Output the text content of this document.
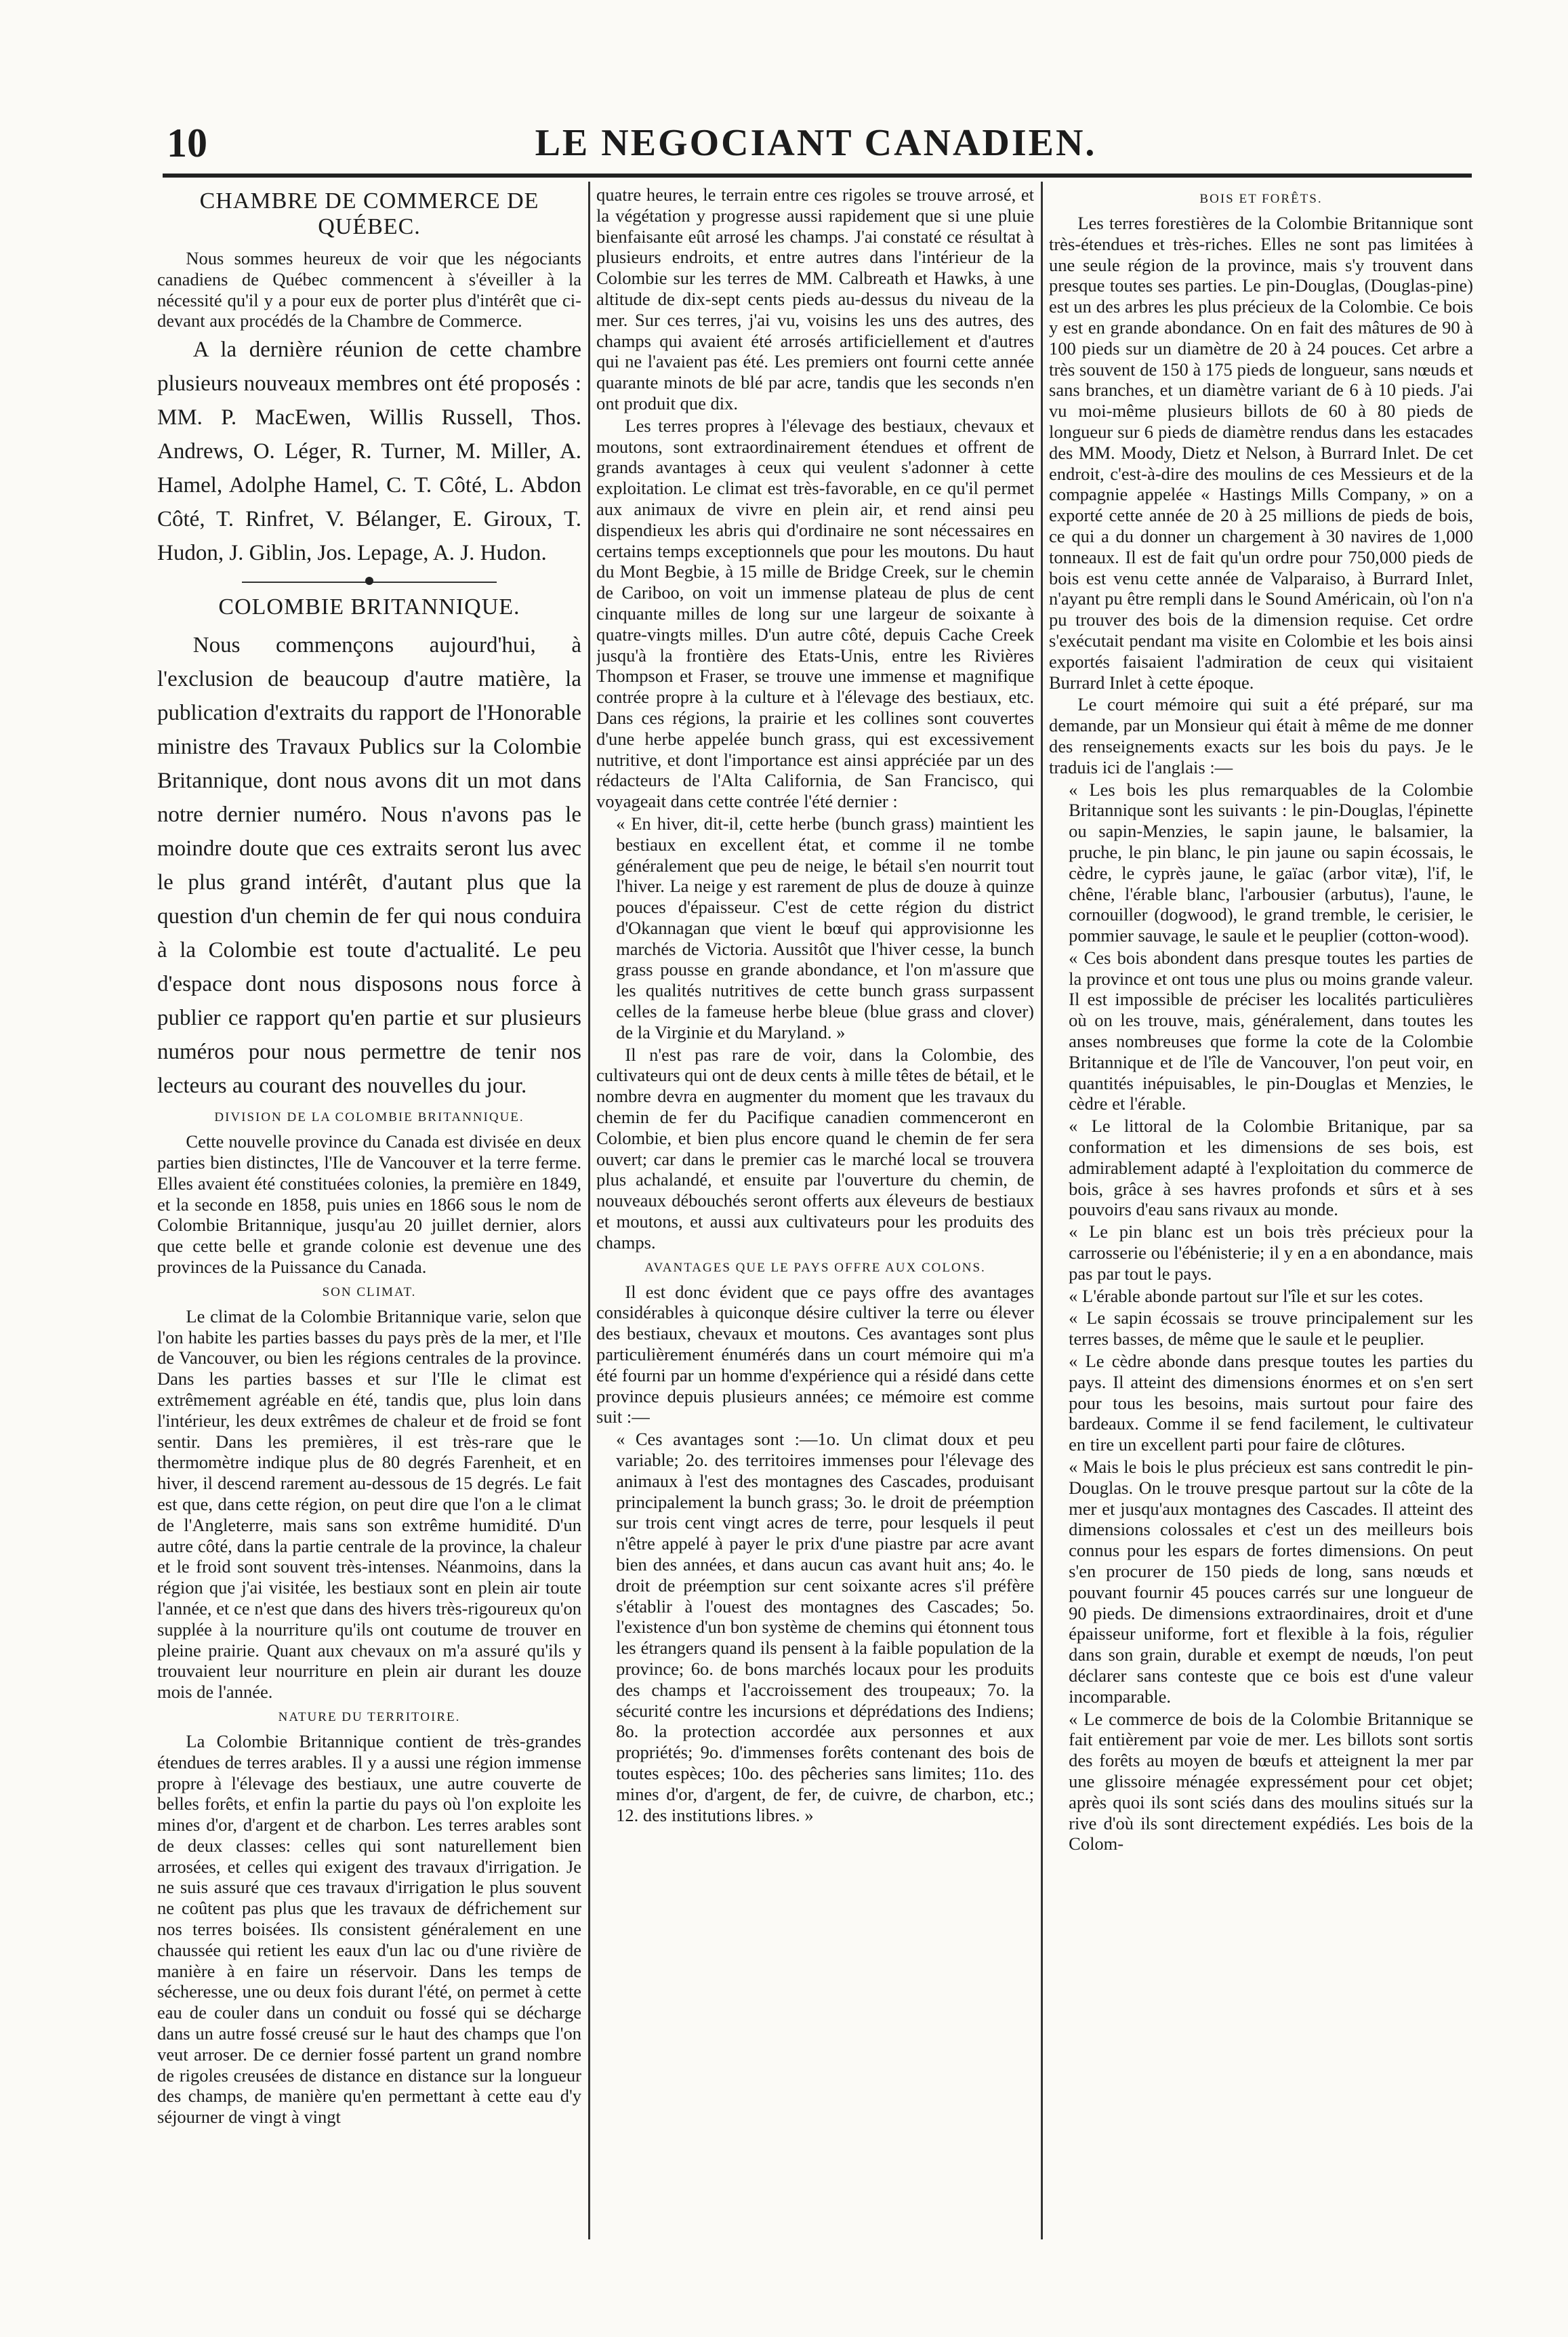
10	LE NEGOCIANT CANADIEN.
CHAMBRE DE COMMERCE DE QUÉBEC.

Nous sommes heureux de voir que les négociants canadiens de Québec commencent à s'éveiller à la nécessité qu'il y a pour eux de porter plus d'intérêt que ci-devant aux procédés de la Chambre de Commerce.

A la dernière réunion de cette chambre plusieurs nouveaux membres ont été proposés : MM. P. MacEwen, Willis Russell, Thos. Andrews, O. Léger, R. Turner, M. Miller, A. Hamel, Adolphe Hamel, C. T. Côté, L. Abdon Côté, T. Rinfret, V. Bélanger, E. Giroux, T. Hudon, J. Giblin, Jos. Lepage, A. J. Hudon.

COLOMBIE BRITANNIQUE.

Nous commençons aujourd'hui, à l'exclusion de beaucoup d'autre matière, la publication d'extraits du rapport de l'Honorable ministre des Travaux Publics sur la Colombie Britannique, dont nous avons dit un mot dans notre dernier numéro. Nous n'avons pas le moindre doute que ces extraits seront lus avec le plus grand intérêt, d'autant plus que la question d'un chemin de fer qui nous conduira à la Colombie est toute d'actualité. Le peu d'espace dont nous disposons nous force à publier ce rapport qu'en partie et sur plusieurs numéros pour nous permettre de tenir nos lecteurs au courant des nouvelles du jour.

DIVISION DE LA COLOMBIE BRITANNIQUE.

Cette nouvelle province du Canada est divisée en deux parties bien distinctes, l'Ile de Vancouver et la terre ferme. Elles avaient été constituées colonies, la première en 1849, et la seconde en 1858, puis unies en 1866 sous le nom de Colombie Britannique, jusqu'au 20 juillet dernier, alors que cette belle et grande colonie est devenue une des provinces de la Puissance du Canada.

SON CLIMAT.

Le climat de la Colombie Britannique varie, selon que l'on habite les parties basses du pays près de la mer, et l'Ile de Vancouver, ou bien les régions centrales de la province. Dans les parties basses et sur l'Ile le climat est extrêmement agréable en été, tandis que, plus loin dans l'intérieur, les deux extrêmes de chaleur et de froid se font sentir. Dans les premières, il est très-rare que le thermomètre indique plus de 80 degrés Farenheit, et en hiver, il descend rarement au-dessous de 15 degrés. Le fait est que, dans cette région, on peut dire que l'on a le climat de l'Angleterre, mais sans son extrême humidité. D'un autre côté, dans la partie centrale de la province, la chaleur et le froid sont souvent très-intenses. Néanmoins, dans la région que j'ai visitée, les bestiaux sont en plein air toute l'année, et ce n'est que dans des hivers très-rigoureux qu'on supplée à la nourriture qu'ils ont coutume de trouver en pleine prairie. Quant aux chevaux on m'a assuré qu'ils y trouvaient leur nourriture en plein air durant les douze mois de l'année.

NATURE DU TERRITOIRE.

La Colombie Britannique contient de très-grandes étendues de terres arables. Il y a aussi une région immense propre à l'élevage des bestiaux, une autre couverte de belles forêts, et enfin la partie du pays où l'on exploite les mines d'or, d'argent et de charbon. Les terres arables sont de deux classes: celles qui sont naturellement bien arrosées, et celles qui exigent des travaux d'irrigation. Je ne suis assuré que ces travaux d'irrigation le plus souvent ne coûtent pas plus que les travaux de défrichement sur nos terres boisées. Ils consistent généralement en une chaussée qui retient les eaux d'un lac ou d'une rivière de manière à en faire un réservoir. Dans les temps de sécheresse, une ou deux fois durant l'été, on permet à cette eau de couler dans un conduit ou fossé qui se décharge dans un autre fossé creusé sur le haut des champs que l'on veut arroser. De ce dernier fossé partent un grand nombre de rigoles creusées de distance en distance sur la longueur des champs, de manière qu'en permettant à cette eau d'y séjourner de vingt à vingt

quatre heures, le terrain entre ces rigoles se trouve arrosé, et la végétation y progresse aussi rapidement que si une pluie bienfaisante eût arrosé les champs. J'ai constaté ce résultat à plusieurs endroits, et entre autres dans l'intérieur de la Colombie sur les terres de MM. Calbreath et Hawks, à une altitude de dix-sept cents pieds au-dessus du niveau de la mer. Sur ces terres, j'ai vu, voisins les uns des autres, des champs qui avaient été arrosés artificiellement et d'autres qui ne l'avaient pas été. Les premiers ont fourni cette année quarante minots de blé par acre, tandis que les seconds n'en ont produit que dix.

Les terres propres à l'élevage des bestiaux, chevaux et moutons, sont extraordinairement étendues et offrent de grands avantages à ceux qui veulent s'adonner à cette exploitation. Le climat est très-favorable, en ce qu'il permet aux animaux de vivre en plein air, et rend ainsi peu dispendieux les abris qui d'ordinaire ne sont nécessaires en certains temps exceptionnels que pour les moutons. Du haut du Mont Begbie, à 15 mille de Bridge Creek, sur le chemin de Cariboo, on voit un immense plateau de plus de cent cinquante milles de long sur une largeur de soixante à quatre-vingts milles. D'un autre côté, depuis Cache Creek jusqu'à la frontière des Etats-Unis, entre les Rivières Thompson et Fraser, se trouve une immense et magnifique contrée propre à la culture et à l'élevage des bestiaux, etc. Dans ces régions, la prairie et les collines sont couvertes d'une herbe appelée bunch grass, qui est excessivement nutritive, et dont l'importance est ainsi appréciée par un des rédacteurs de l'Alta California, de San Francisco, qui voyageait dans cette contrée l'été dernier :

« En hiver, dit-il, cette herbe (bunch grass) maintient les bestiaux en excellent état, et comme il ne tombe généralement que peu de neige, le bétail s'en nourrit tout l'hiver. La neige y est rarement de plus de douze à quinze pouces d'épaisseur. C'est de cette région du district d'Okannagan que vient le bœuf qui approvisionne les marchés de Victoria. Aussitôt que l'hiver cesse, la bunch grass pousse en grande abondance, et l'on m'assure que les qualités nutritives de cette bunch grass surpassent celles de la fameuse herbe bleue (blue grass and clover) de la Virginie et du Maryland. »

Il n'est pas rare de voir, dans la Colombie, des cultivateurs qui ont de deux cents à mille têtes de bétail, et le nombre devra en augmenter du moment que les travaux du chemin de fer du Pacifique canadien commenceront en Colombie, et bien plus encore quand le chemin de fer sera ouvert; car dans le premier cas le marché local se trouvera plus achalandé, et ensuite par l'ouverture du chemin, de nouveaux débouchés seront offerts aux éleveurs de bestiaux et moutons, et aussi aux cultivateurs pour les produits des champs.

AVANTAGES QUE LE PAYS OFFRE AUX COLONS.

Il est donc évident que ce pays offre des avantages considérables à quiconque désire cultiver la terre ou élever des bestiaux, chevaux et moutons. Ces avantages sont plus particulièrement énumérés dans un court mémoire qui m'a été fourni par un homme d'expérience qui a résidé dans cette province depuis plusieurs années; ce mémoire est comme suit :—

« Ces avantages sont :—1o. Un climat doux et peu variable; 2o. des territoires immenses pour l'élevage des animaux à l'est des montagnes des Cascades, produisant principalement la bunch grass; 3o. le droit de préemption sur trois cent vingt acres de terre, pour lesquels il peut n'être appelé à payer le prix d'une piastre par acre avant bien des années, et dans aucun cas avant huit ans; 4o. le droit de préemption sur cent soixante acres s'il préfère s'établir à l'ouest des montagnes des Cascades; 5o. l'existence d'un bon système de chemins qui étonnent tous les étrangers quand ils pensent à la faible population de la province; 6o. de bons marchés locaux pour les produits des champs et l'accroissement des troupeaux; 7o. la sécurité contre les incursions et déprédations des Indiens; 8o. la protection accordée aux personnes et aux propriétés; 9o. d'immenses forêts contenant des bois de toutes espèces; 10o. des pêcheries sans limites; 11o. des mines d'or, d'argent, de fer, de cuivre, de charbon, etc.; 12. des institutions libres. »

BOIS ET FORÊTS.

Les terres forestières de la Colombie Britannique sont très-étendues et très-riches. Elles ne sont pas limitées à une seule région de la province, mais s'y trouvent dans presque toutes ses parties. Le pin-Douglas, (Douglas-pine) est un des arbres les plus précieux de la Colombie. Ce bois y est en grande abondance. On en fait des mâtures de 90 à 100 pieds sur un diamètre de 20 à 24 pouces. Cet arbre a très souvent de 150 à 175 pieds de longueur, sans nœuds et sans branches, et un diamètre variant de 6 à 10 pieds. J'ai vu moi-même plusieurs billots de 60 à 80 pieds de longueur sur 6 pieds de diamètre rendus dans les estacades des MM. Moody, Dietz et Nelson, à Burrard Inlet. De cet endroit, c'est-à-dire des moulins de ces Messieurs et de la compagnie appelée « Hastings Mills Company, » on a exporté cette année de 20 à 25 millions de pieds de bois, ce qui a du donner un chargement à 30 navires de 1,000 tonneaux. Il est de fait qu'un ordre pour 750,000 pieds de bois est venu cette année de Valparaiso, à Burrard Inlet, n'ayant pu être rempli dans le Sound Américain, où l'on n'a pu trouver des bois de la dimension requise. Cet ordre s'exécutait pendant ma visite en Colombie et les bois ainsi exportés faisaient l'admiration de ceux qui visitaient Burrard Inlet à cette époque.

Le court mémoire qui suit a été préparé, sur ma demande, par un Monsieur qui était à même de me donner des renseignements exacts sur les bois du pays. Je le traduis ici de l'anglais :—

« Les bois les plus remarquables de la Colombie Britannique sont les suivants : le pin-Douglas, l'épinette ou sapin-Menzies, le sapin jaune, le balsamier, la pruche, le pin blanc, le pin jaune ou sapin écossais, le cèdre, le cyprès jaune, le gaïac (arbor vitæ), l'if, le chêne, l'érable blanc, l'arbousier (arbutus), l'aune, le cornouiller (dogwood), le grand tremble, le cerisier, le pommier sauvage, le saule et le peuplier (cotton-wood).

« Ces bois abondent dans presque toutes les parties de la province et ont tous une plus ou moins grande valeur. Il est impossible de préciser les localités particulières où on les trouve, mais, généralement, dans toutes les anses nombreuses que forme la cote de la Colombie Britannique et de l'île de Vancouver, l'on peut voir, en quantités inépuisables, le pin-Douglas et Menzies, le cèdre et l'érable.

« Le littoral de la Colombie Britanique, par sa conformation et les dimensions de ses bois, est admirablement adapté à l'exploitation du commerce de bois, grâce à ses havres profonds et sûrs et à ses pouvoirs d'eau sans rivaux au monde.

« Le pin blanc est un bois très précieux pour la carrosserie ou l'ébénisterie; il y en a en abondance, mais pas par tout le pays.

« L'érable abonde partout sur l'île et sur les cotes.

« Le sapin écossais se trouve principalement sur les terres basses, de même que le saule et le peuplier.

« Le cèdre abonde dans presque toutes les parties du pays. Il atteint des dimensions énormes et on s'en sert pour tous les besoins, mais surtout pour faire des bardeaux. Comme il se fend facilement, le cultivateur en tire un excellent parti pour faire de clôtures.

« Mais le bois le plus précieux est sans contredit le pin-Douglas. On le trouve presque partout sur la côte de la mer et jusqu'aux montagnes des Cascades. Il atteint des dimensions colossales et c'est un des meilleurs bois connus pour les espars de fortes dimensions. On peut s'en procurer de 150 pieds de long, sans nœuds et pouvant fournir 45 pouces carrés sur une longueur de 90 pieds. De dimensions extraordinaires, droit et d'une épaisseur uniforme, fort et flexible à la fois, régulier dans son grain, durable et exempt de nœuds, l'on peut déclarer sans conteste que ce bois est d'une valeur incomparable.

« Le commerce de bois de la Colombie Britannique se fait entièrement par voie de mer. Les billots sont sortis des forêts au moyen de bœufs et atteignent la mer par une glissoire ménagée expressément pour cet objet; après quoi ils sont sciés dans des moulins situés sur la rive d'où ils sont directement expédiés. Les bois de la Colom-
